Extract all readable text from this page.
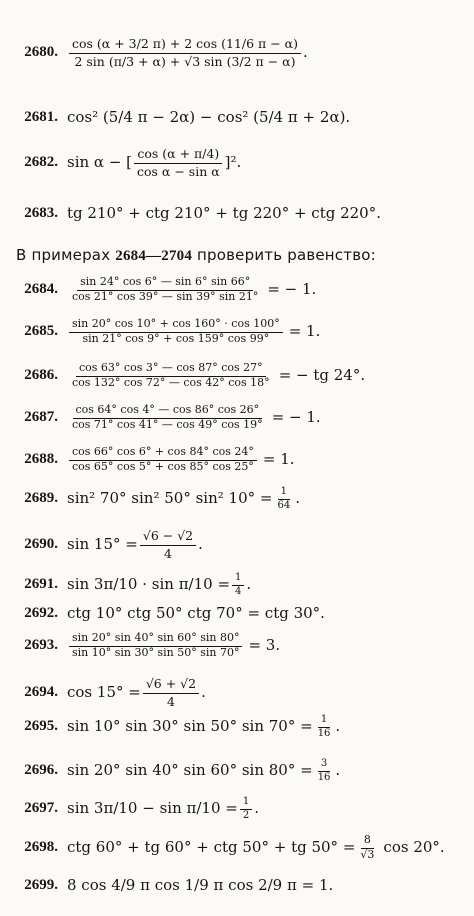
2680. $\frac{\cos (\alpha + 3/2 \pi) + 2 \cos (11/6 \pi - \alpha)}{2 \sin (\pi/3 + \alpha) + √3 \sin (3/2 \pi - \alpha)}$ .
2681. cos² (5/4 π − 2α) − cos² (5/4 π + 2α).
2682. sin α − [ $\frac{\cos (\alpha + \pi/4)}{\text{cos α − sin α}} ]^2$.
2683. tg 210° + ctg 210° + tg 220° + ctg 220°.
В примерах 2684—2704 проверить равенство:
2684. $\frac{\sin 24^\circ \cos 6^\circ — \sin 6^\circ \sin 66^\circ}{\cos 21^\circ \cos 39^\circ — \sin 39^\circ \sin 21^\circ}$ = − 1.
2685. $\frac{\sin 20^\circ \cos 10^\circ + \cos 160^\circ \cdot \cos 100^\circ}{\sin 21^\circ \cos 9^\circ + \cos 159^\circ \cos 99^\circ} = 1$.
2686. $\frac{\cos 63^\circ \cos 3^\circ — \cos 87^\circ \cos 27^\circ}{\cos 132^\circ \cos 72^\circ — \cos 42^\circ \cos 18^\circ}$ = − tg 24°.
2687. $\frac{\cos 64^\circ \cos 4^\circ — \cos 86^\circ \cos 26^\circ}{\cos 71^\circ \cos 41^\circ — \cos 49^\circ \cos 19^\circ}$ = − 1.
2688. $\frac{\cos 66^\circ \cos 6^\circ + \cos 84^\circ \cos 24^\circ}{\cos 65^\circ \cos 5^\circ + \cos 85^\circ \cos 25^\circ} = 1$.
2689. sin² 70° sin² 50° sin² $10^\circ = \frac{1}{64}$ .
2690. $\sin 15^\circ = \frac{√6 - √2}{4}$ .
2691. $\sin 3\pi/10 \cdot \sin \pi/10 = \frac{1}{4}$ .
2692. ctg 10° ctg 50° ctg 70° = ctg 30°.
2693. $\frac{\sin 20^\circ \sin 40^\circ \sin 60^\circ \sin 80^\circ}{\sin 10^\circ \sin 30^\circ \sin 50^\circ \sin 70^\circ} = 3$.
2694. $\cos 15^\circ = \frac{√6 + √2}{4}$ .
2695. sin 10° sin 30° sin 50° $\sin 70^\circ = \frac{1}{16}$ .
2696. sin 20° sin 40° sin 60° $\sin 80^\circ = \frac{3}{16}$ .
2697. $\sin 3\pi/10 - \sin \pi/10 = \frac{1}{2}$ .
2698. ctg 60° + tg 60° + ctg 50° + tg $50^\circ = \frac{8}{√3}$ cos 20°.
2699. 8 cos 4/9 π cos 1/9 π cos 2/9 π = 1.
